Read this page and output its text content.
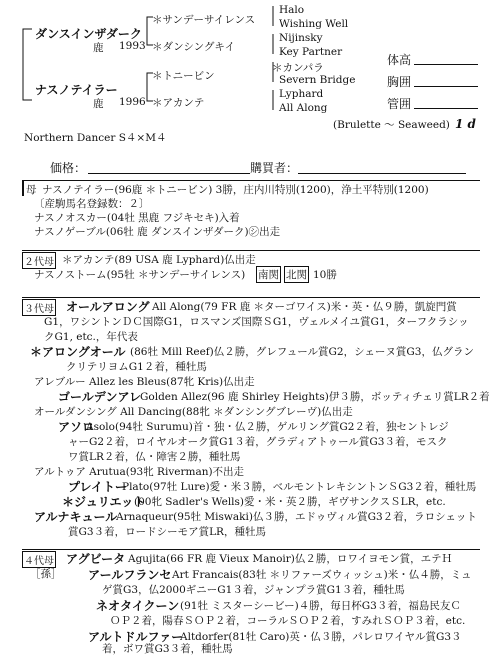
ダンスインザダーク
鹿 1993
ナスノテイラー
鹿 1996
＊サンデーサイレンス
＊ダンシングキイ
＊トニービン
＊アカンテ
Halo
Wishing Well
Nijinsky
Key Partner
＊カンパラ
Severn Bridge
Lyphard
All Along
体高
胸囲
管囲
(Brulette ～ Seaweed) 1 d
Northern Dancer S４×M４
価格：	購買者：
母 ナスノテイラー(96鹿 ＊トニービン) 3勝，庄内川特別(1200)，浄土平特別(1200)
〔産駒馬名登録数：２〕
ナスノオスカー(04牡 黒鹿 フジキセキ)入着
ナスノゲーブル(06牡 鹿 ダンスインザダーク)㋛出走
２代母 ＊アカンテ(89 USA 鹿 Lyphard)仏出走
ナスノストーム(95牡 ＊サンデーサイレンス) 南関 北関 10勝
３代母 オールアロング All Along(79 FR 鹿 ＊ターゴワイス)米・英・仏９勝，凱旋門賞
G1，ワシントンＤＣ国際G1，ロスマンズ国際ＳG1，ヴェルメイユ賞G1，ターフクラシッ
クG1, etc.，年代表
＊アロングオール (86牡 Mill Reef)仏２勝，グレフュール賞G2，シェーヌ賞G3，仏グラン
クリテリヨムG1２着，種牡馬
アレブルー Allez les Bleus(87牝 Kris)仏出走
ゴールデンアレ
Golden Allez(96 鹿 Shirley Heights)伊３勝，ボッティチェリ賞LR２着
オールダンシング All Dancing(88牝 ＊ダンシングブレーヴ)仏出走
アソロ
Asolo(94牡 Surumu)首・独・仏２勝，ゲルリング賞G2２着，独セントレジ
ャーG2２着，ロイヤルオーク賞G1３着，グラディアトゥール賞G3３着，モスク
ワ賞LR２着，仏・障害２勝，種牡馬
アルトゥア Arutua(93牝 Riverman)不出走
プレイトー
Plato(97牡 Lure)愛・米３勝，ベルモントレキシントンＳG3２着，種牡馬
＊ジュリエット
(00牝 Sadler's Wells)愛・米・英２勝，ギヴサンクスＳLR，etc.
アルナキュール
Arnaqueur(95牡 Miswaki)仏３勝，エドゥヴィル賞G3２着，ラロシェット
賞G3３着，ロードシーモア賞LR，種牡馬
４代母 アグビータ Agujita(66 FR 鹿 Vieux Manoir)仏２勝，ロワイヨモン賞，エテＨ
［孫］ アールフランセ Art Francais(83牡 ＊リファーズウィッシュ)米・仏４勝，ミュ
ゲ賞G3，仏2000ギニーG1３着，ジャンプラ賞G1３着，種牡馬
ネオタイクーン (91牡 ミスターシービー)４勝，毎日杯G3３着，福島民友Ｃ
ＯＰ２着，陽春ＳＯＰ２着，コーラルＳＯＰ２着，すみれＳＯＰ３着，etc.
アルトドルファー
Altdorfer(81牡 Caro)英・仏３勝，パレロワイヤル賞G3３
着，ボワ賞G3３着，種牡馬
